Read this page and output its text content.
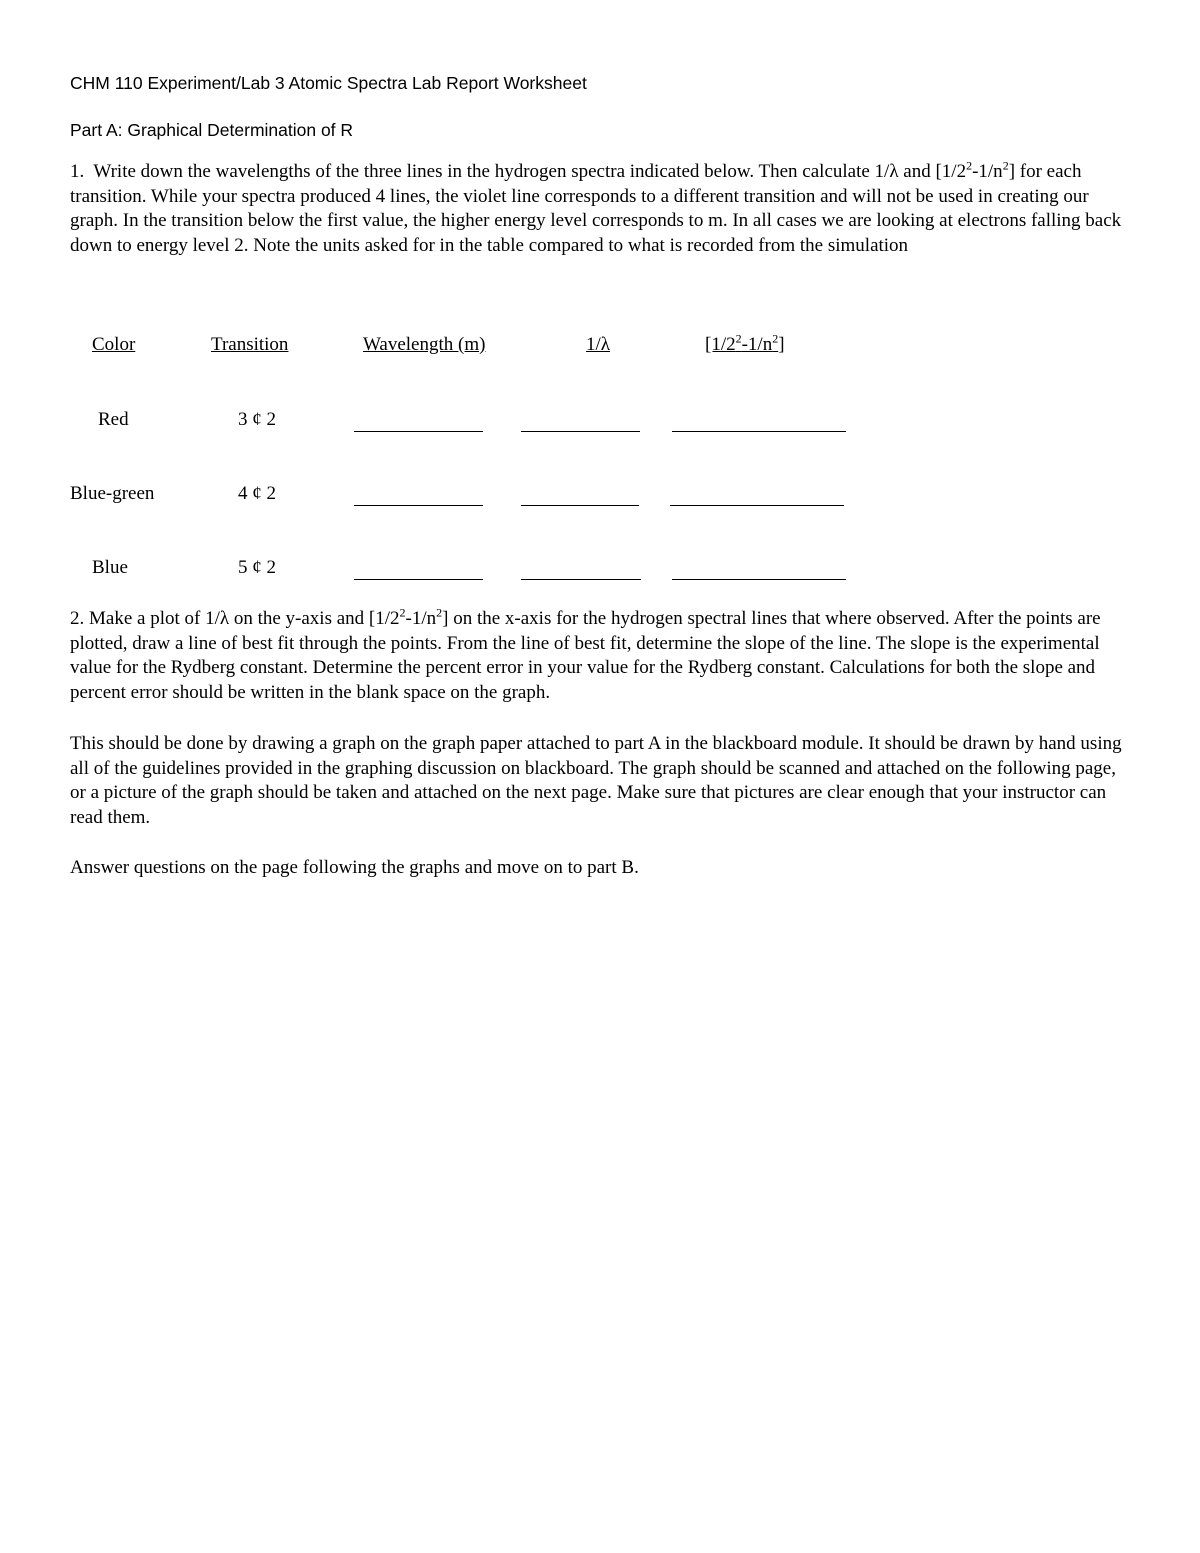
CHM 110 Experiment/Lab 3 Atomic Spectra Lab Report Worksheet
Part A: Graphical Determination of R

1. Write down the wavelengths of the three lines in the hydrogen spectra indicated below. Then calculate 1/λ and $[1/2^2-1/n^2]$ for each transition. While your spectra produced 4 lines, the violet line corresponds to a different transition and will not be used in creating our graph. In the transition below the first value, the higher energy level corresponds to m. In all cases we are looking at electrons falling back down to energy level 2. Note the units asked for in the table compared to what is recorded from the simulation

Color	Transition	Wavelength (m)	1/λ	$[1/2^2-1/n^2]$
Red	3 ¢ 2
Blue-green	4 ¢ 2
Blue	5 ¢ 2

2. Make a plot of 1/λ on the y-axis and $[1/2^2-1/n^2]$ on the x-axis for the hydrogen spectral lines that where observed. After the points are plotted, draw a line of best fit through the points. From the line of best fit, determine the slope of the line. The slope is the experimental value for the Rydberg constant. Determine the percent error in your value for the Rydberg constant. Calculations for both the slope and percent error should be written in the blank space on the graph.

This should be done by drawing a graph on the graph paper attached to part A in the blackboard module. It should be drawn by hand using all of the guidelines provided in the graphing discussion on blackboard. The graph should be scanned and attached on the following page, or a picture of the graph should be taken and attached on the next page. Make sure that pictures are clear enough that your instructor can read them.

Answer questions on the page following the graphs and move on to part B.
